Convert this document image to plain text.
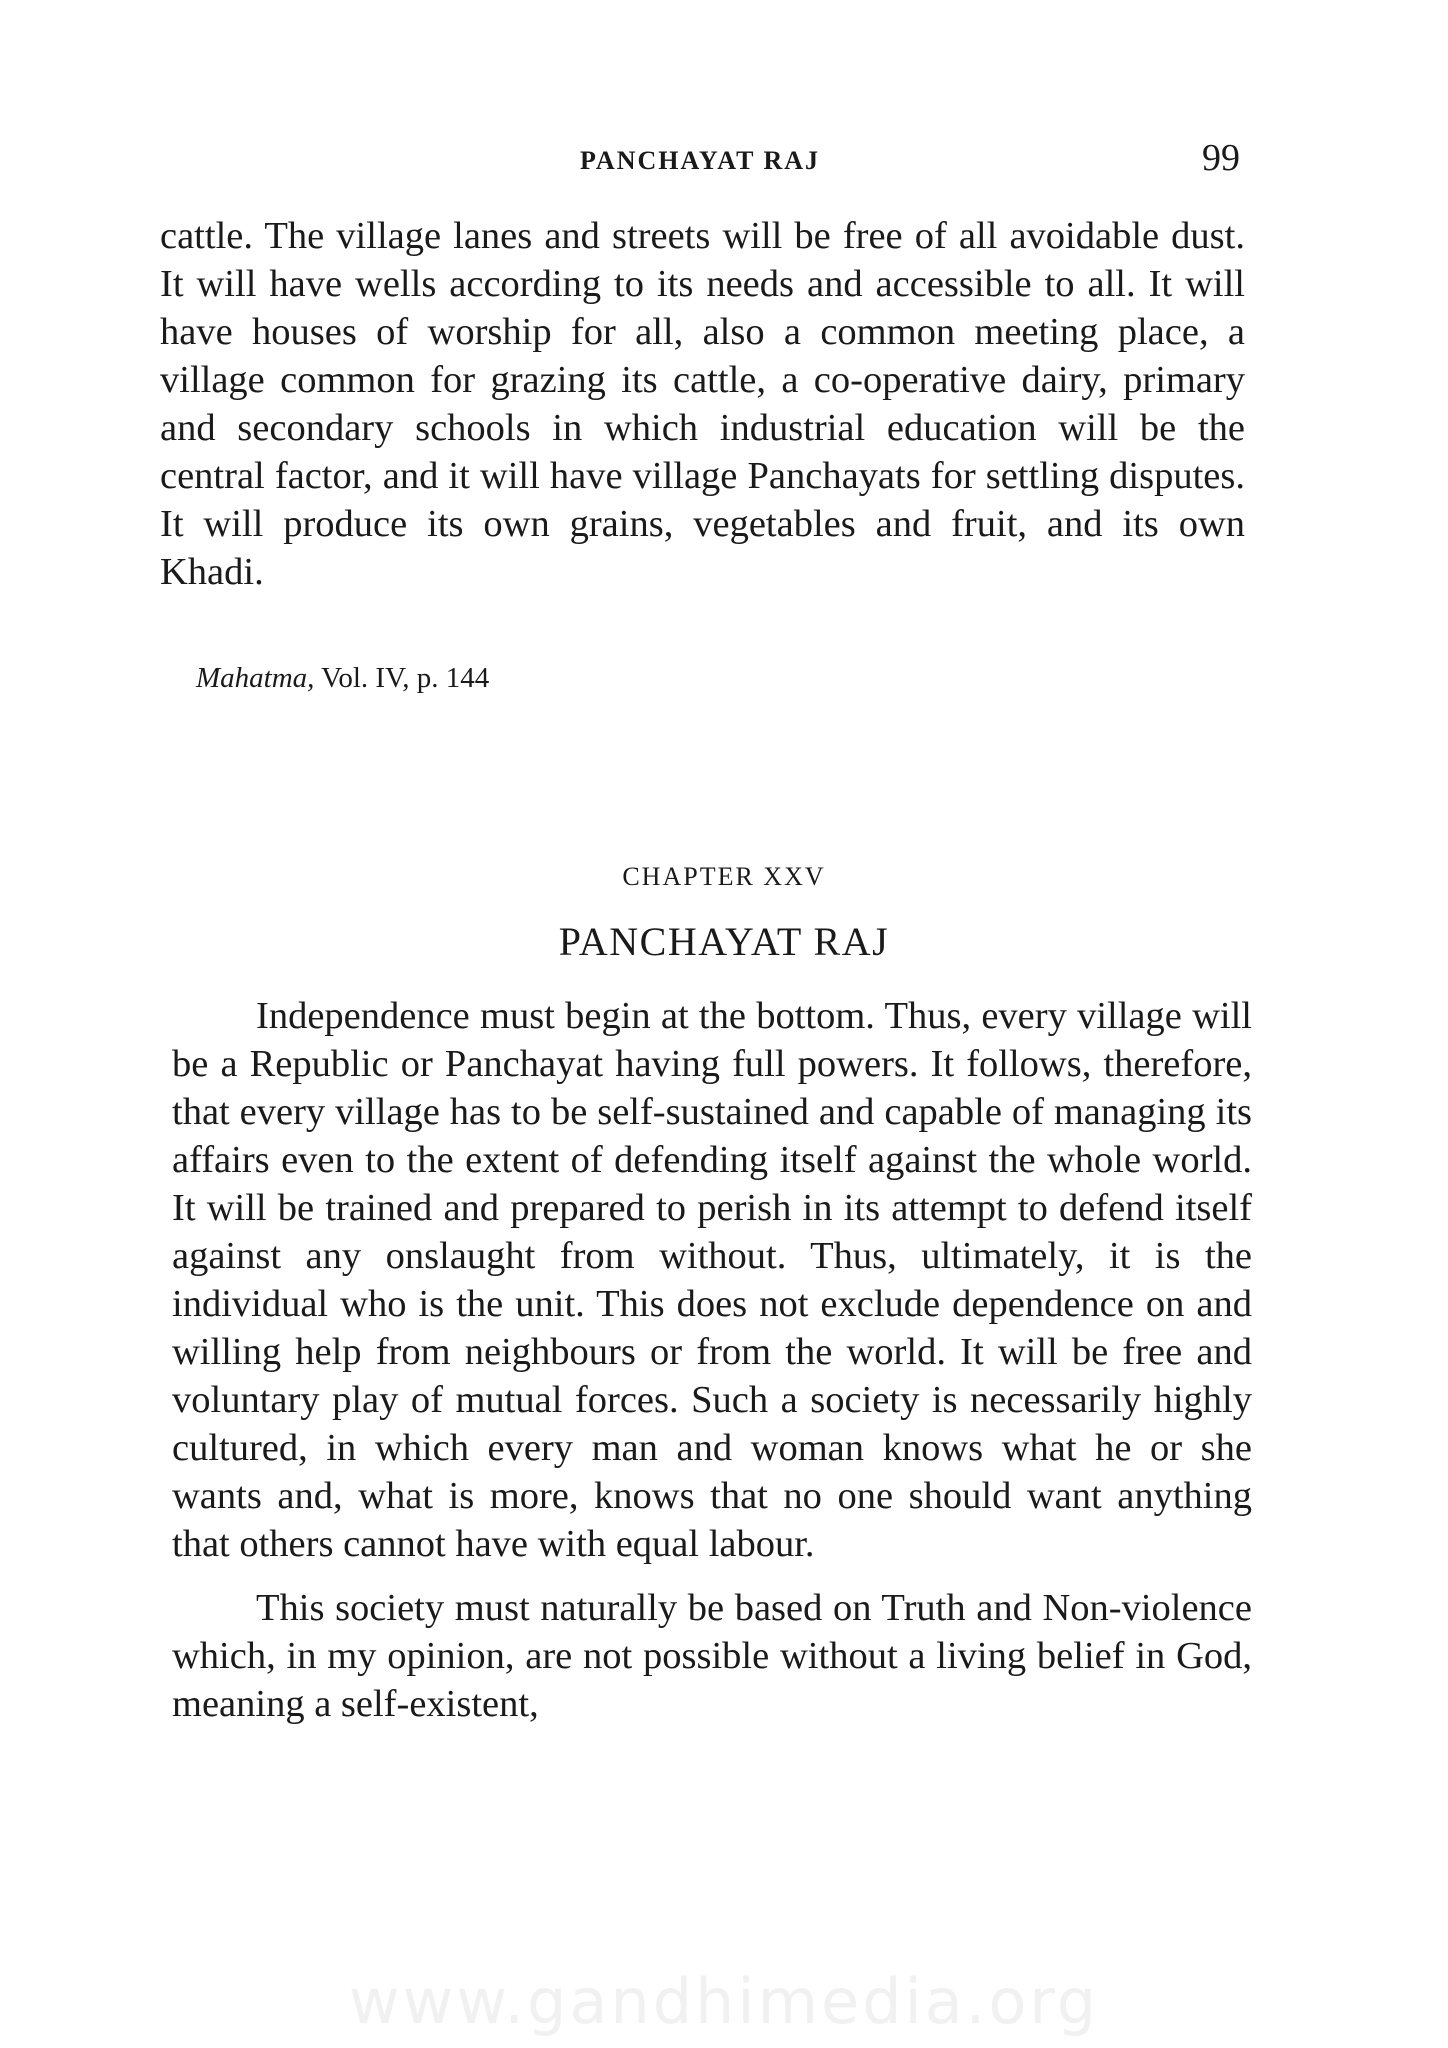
PANCHAYAT RAJ	99

cattle. The village lanes and streets will be free of all avoidable dust. It will have wells according to its needs and accessible to all. It will have houses of worship for all, also a common meeting place, a village common for grazing its cattle, a co-operative dairy, primary and secondary schools in which industrial education will be the central factor, and it will have village Panchayats for settling disputes. It will produce its own grains, vegetables and fruit, and its own Khadi.

Mahatma, Vol. IV, p. 144
CHAPTER XXV
PANCHAYAT RAJ

Independence must begin at the bottom. Thus, every village will be a Republic or Panchayat having full powers. It follows, therefore, that every village has to be self-sustained and capable of managing its affairs even to the extent of defending itself against the whole world. It will be trained and prepared to perish in its attempt to defend itself against any onslaught from without. Thus, ultimately, it is the individual who is the unit. This does not exclude dependence on and willing help from neighbours or from the world. It will be free and voluntary play of mutual forces. Such a society is necessarily highly cultured, in which every man and woman knows what he or she wants and, what is more, knows that no one should want anything that others cannot have with equal labour.

This society must naturally be based on Truth and Non-violence which, in my opinion, are not possible without a living belief in God, meaning a self-existent,

www.gandhimedia.org
